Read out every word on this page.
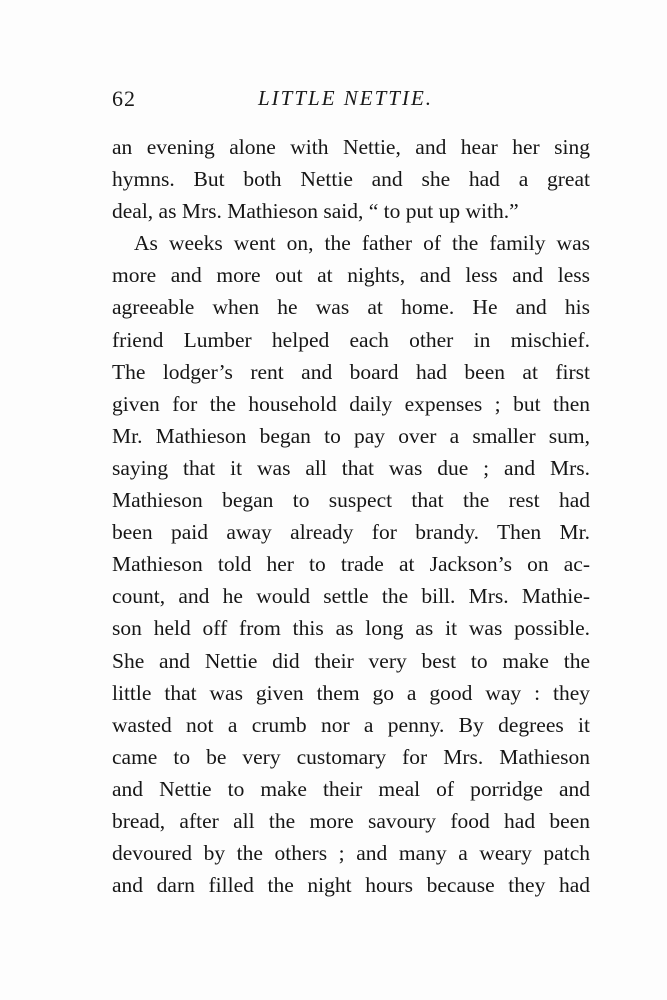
62	LITTLE NETTIE.
an evening alone with Nettie, and hear her sing
hymns. But both Nettie and she had a great
deal, as Mrs. Mathieson said, “ to put up with.”
As weeks went on, the father of the family was
more and more out at nights, and less and less
agreeable when he was at home. He and his
friend Lumber helped each other in mischief.
The lodger’s rent and board had been at first
given for the household daily expenses ; but then
Mr. Mathieson began to pay over a smaller sum,
saying that it was all that was due ; and Mrs.
Mathieson began to suspect that the rest had
been paid away already for brandy. Then Mr.
Mathieson told her to trade at Jackson’s on ac-
count, and he would settle the bill. Mrs. Mathie-
son held off from this as long as it was possible.
She and Nettie did their very best to make the
little that was given them go a good way : they
wasted not a crumb nor a penny. By degrees it
came to be very customary for Mrs. Mathieson
and Nettie to make their meal of porridge and
bread, after all the more savoury food had been
devoured by the others ; and many a weary patch
and darn filled the night hours because they had
